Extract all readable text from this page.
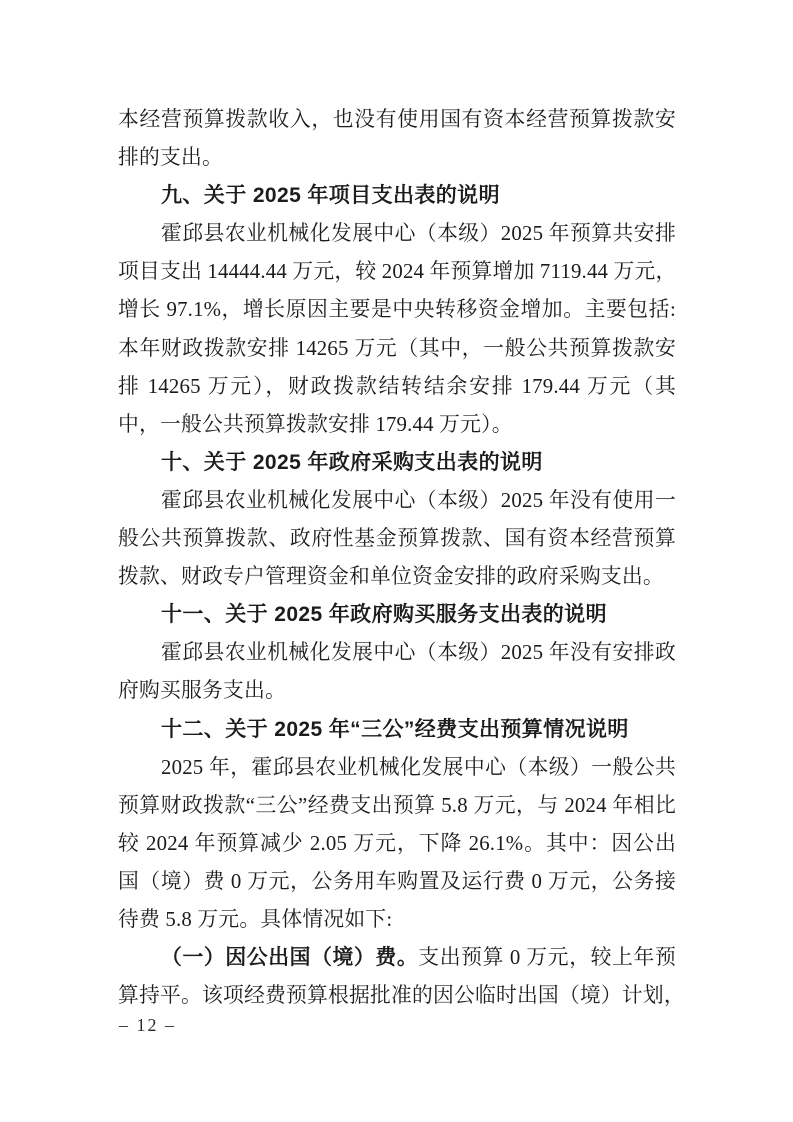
本经营预算拨款收入，也没有使用国有资本经营预算拨款安
排的支出。
九、关于 2025 年项目支出表的说明
霍邱县农业机械化发展中心（本级）2025 年预算共安排
项目支出 14444.44 万元，较 2024 年预算增加 7119.44 万元，
增长 97.1%，增长原因主要是中央转移资金增加。主要包括:
本年财政拨款安排 14265 万元（其中，一般公共预算拨款安
排 14265 万元），财政拨款结转结余安排 179.44 万元（其
中，一般公共预算拨款安排 179.44 万元）。
十、关于 2025 年政府采购支出表的说明
霍邱县农业机械化发展中心（本级）2025 年没有使用一
般公共预算拨款、政府性基金预算拨款、国有资本经营预算
拨款、财政专户管理资金和单位资金安排的政府采购支出。
十一、关于 2025 年政府购买服务支出表的说明
霍邱县农业机械化发展中心（本级）2025 年没有安排政
府购买服务支出。
十二、关于 2025 年“三公”经费支出预算情况说明
2025 年，霍邱县农业机械化发展中心（本级）一般公共
预算财政拨款“三公”经费支出预算 5.8 万元，与 2024 年相比
较 2024 年预算减少 2.05 万元，下降 26.1%。其中：因公出
国（境）费 0 万元，公务用车购置及运行费 0 万元，公务接
待费 5.8 万元。具体情况如下:
（一）因公出国（境）费。支出预算 0 万元，较上年预
算持平。该项经费预算根据批准的因公临时出国（境）计划，
– 12 –
